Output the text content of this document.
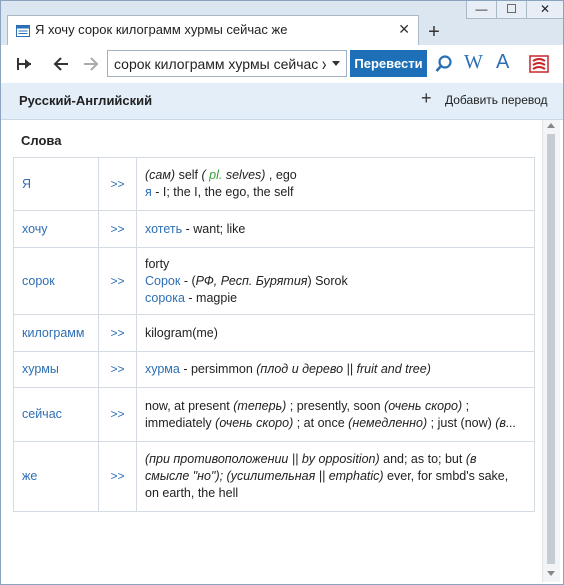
Я хочу сорок килограмм хурмы сейчас же	✕ +
—	☐	✕
сорок килограмм хурмы сейчас же
Перевести W A
Русский-Английский	+ Добавить перевод
Слова
Я	>>	(сам) self ( pl. selves) , ego
я - I; the I, the ego, the self

хочу	>>	хотеть - want; like

сорок	>>	forty
Сорок - (РФ, Респ. Бурятия) Sorok
сорока - magpie

килограмм	>>	kilogram(me)
хурмы	>>	хурма - persimmon (плод и дерево || fruit and tree)

сейчас	>>	now, at present (теперь) ; presently, soon (очень скоро) ;
immediately (очень скоро) ; at once (немедленно) ; just (now) (в...

же	>>	(при противоположении || by opposition) and; as to; but (в
смысле "но"); (усилительная || emphatic) ever, for smbd's sake,
on earth, the hell
